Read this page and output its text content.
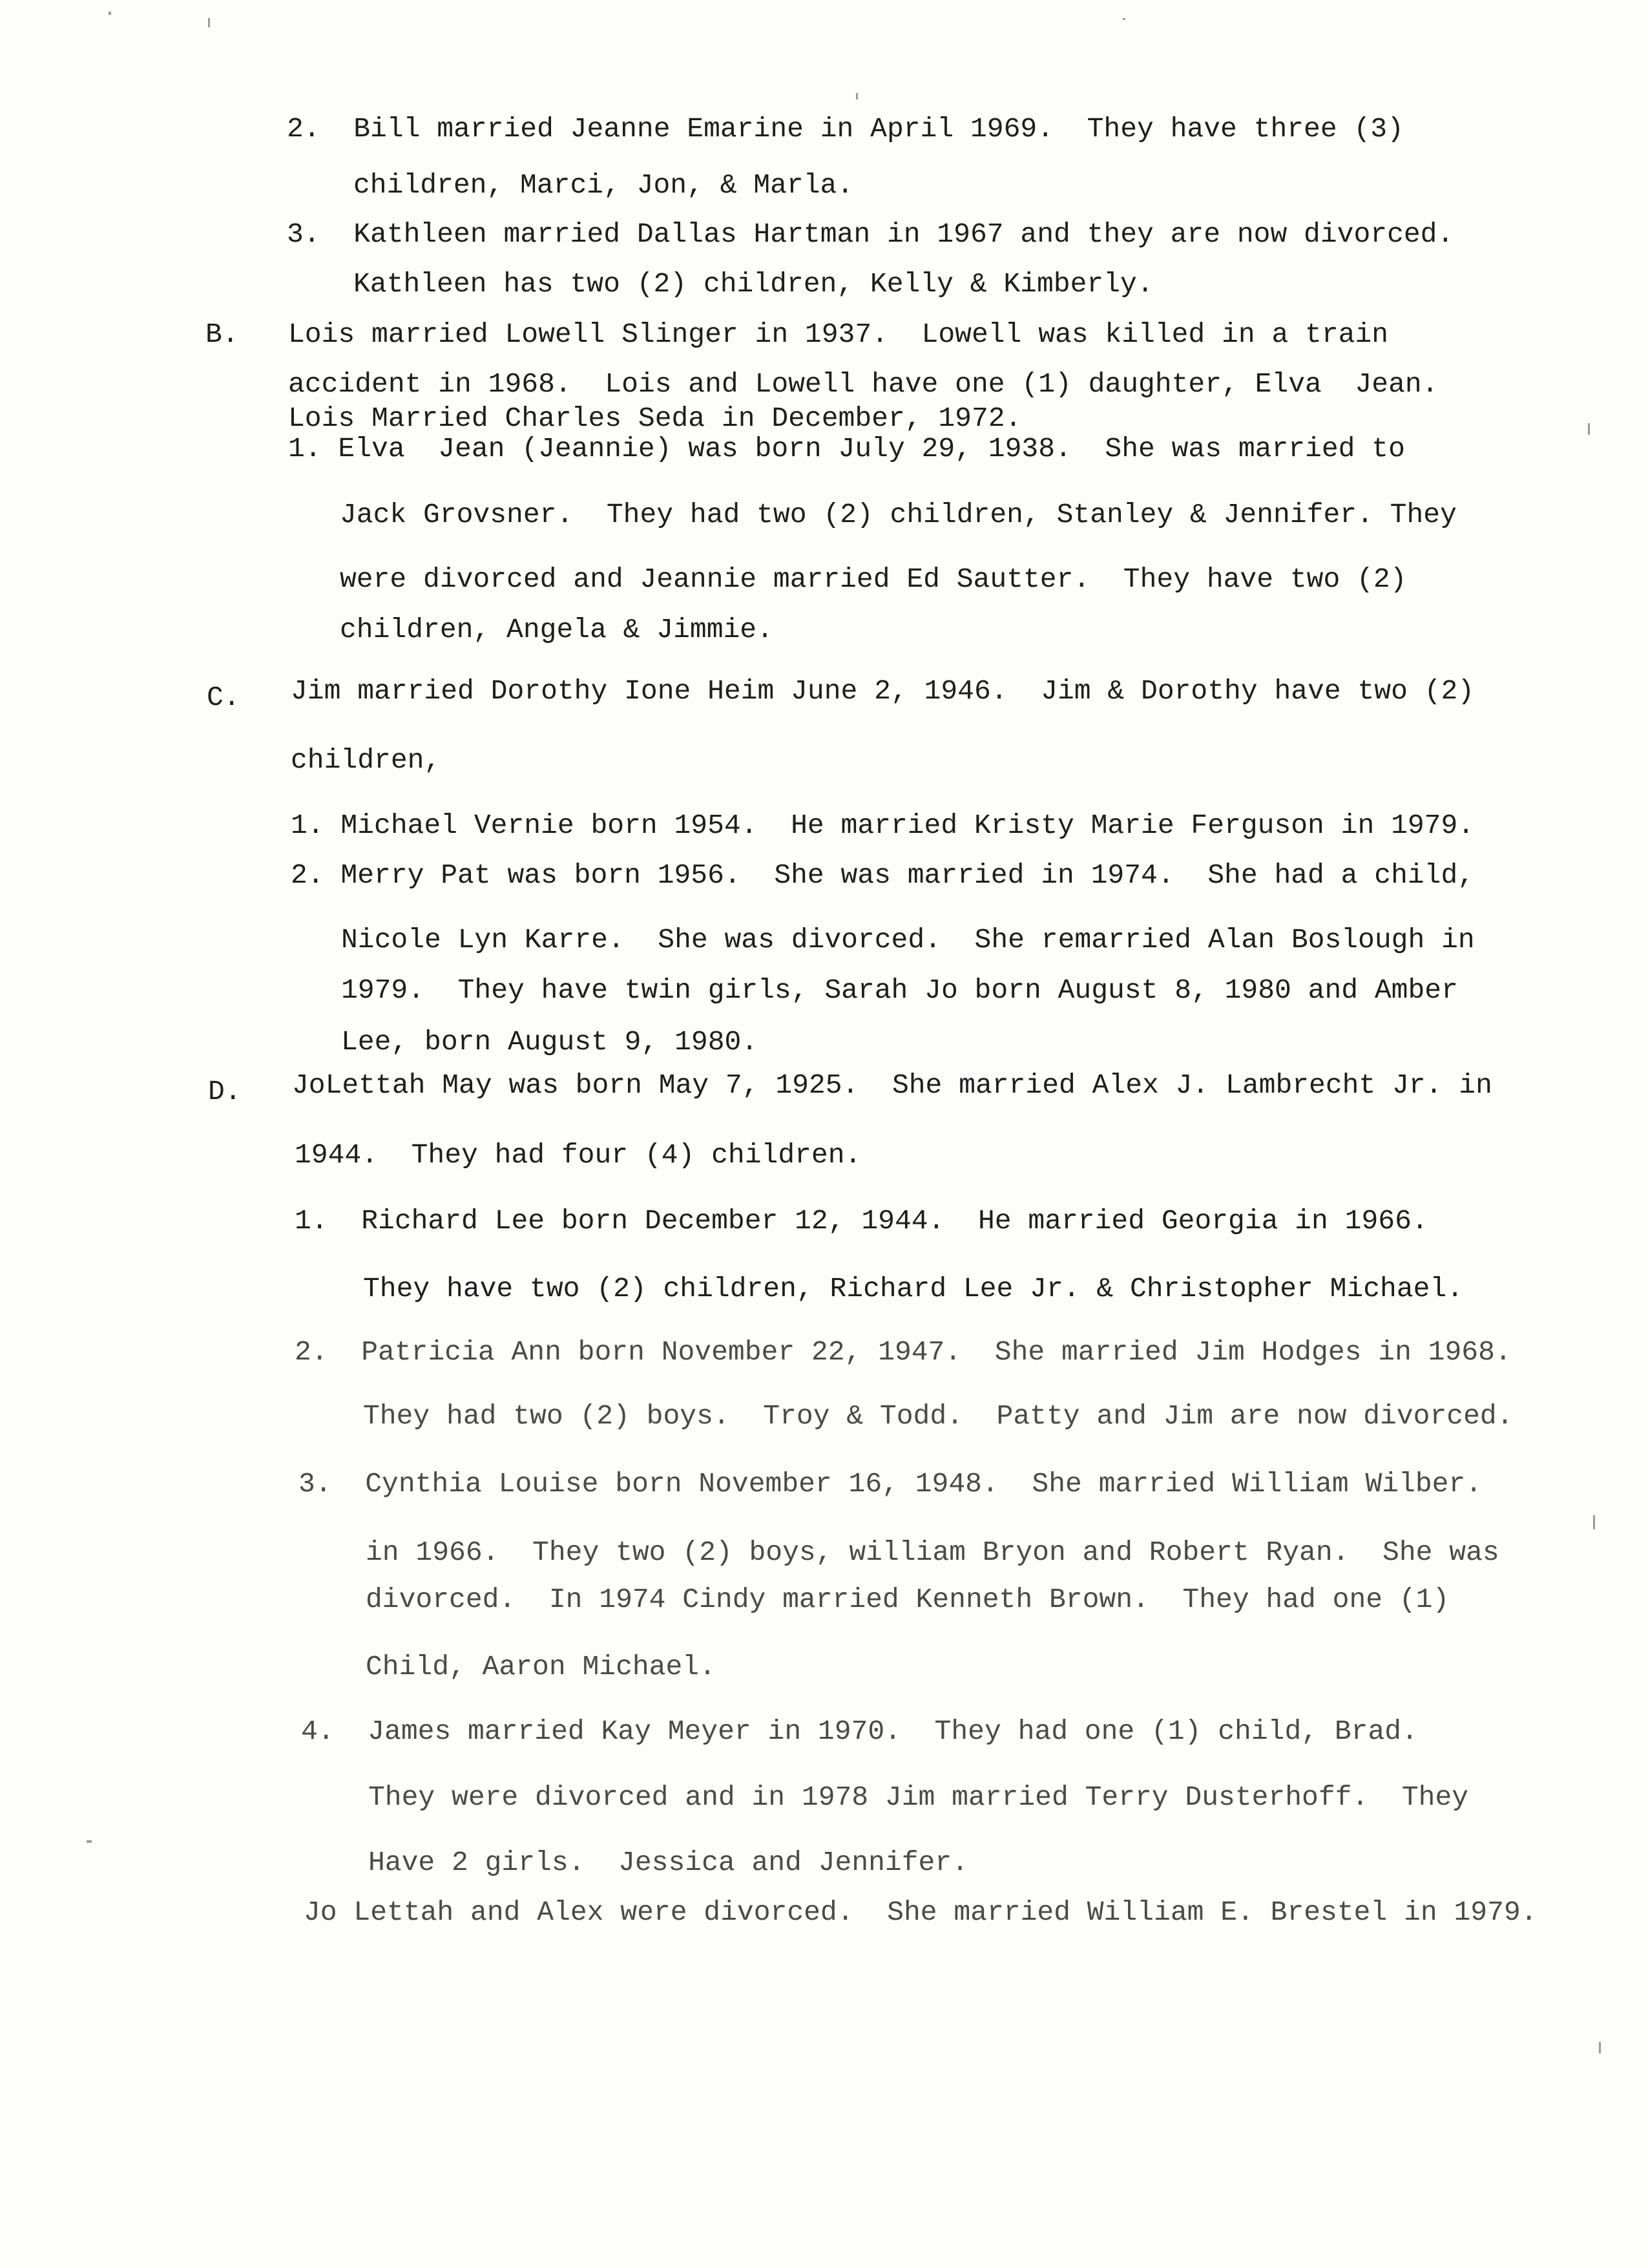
2.  Bill married Jeanne Emarine in April 1969.  They have three (3)

children, Marci, Jon, & Marla.

3.  Kathleen married Dallas Hartman in 1967 and they are now divorced.

Kathleen has two (2) children, Kelly & Kimberly.

B. Lois married Lowell Slinger in 1937.  Lowell was killed in a train

accident in 1968.  Lois and Lowell have one (1) daughter, Elva  Jean.

Lois Married Charles Seda in December, 1972.

1. Elva  Jean (Jeannie) was born July 29, 1938.  She was married to

Jack Grovsner.  They had two (2) children, Stanley & Jennifer. They

were divorced and Jeannie married Ed Sautter.  They have two (2)

children, Angela & Jimmie.

C. Jim married Dorothy Ione Heim June 2, 1946.  Jim & Dorothy have two (2)

children,

1. Michael Vernie born 1954.  He married Kristy Marie Ferguson in 1979.

2. Merry Pat was born 1956.  She was married in 1974.  She had a child,

Nicole Lyn Karre.  She was divorced.  She remarried Alan Boslough in

1979.  They have twin girls, Sarah Jo born August 8, 1980 and Amber

Lee, born August 9, 1980.

D. JoLettah May was born May 7, 1925.  She married Alex J. Lambrecht Jr. in

1944.  They had four (4) children.

1.  Richard Lee born December 12, 1944.  He married Georgia in 1966.

They have two (2) children, Richard Lee Jr. & Christopher Michael.

2.  Patricia Ann born November 22, 1947.  She married Jim Hodges in 1968.

They had two (2) boys.  Troy & Todd.  Patty and Jim are now divorced.

3.  Cynthia Louise born November 16, 1948.  She married William Wilber.

in 1966.  They two (2) boys, william Bryon and Robert Ryan.  She was

divorced.  In 1974 Cindy married Kenneth Brown.  They had one (1)

Child, Aaron Michael.

4.  James married Kay Meyer in 1970.  They had one (1) child, Brad.

They were divorced and in 1978 Jim married Terry Dusterhoff.  They

Have 2 girls.  Jessica and Jennifer.

Jo Lettah and Alex were divorced.  She married William E. Brestel in 1979.
